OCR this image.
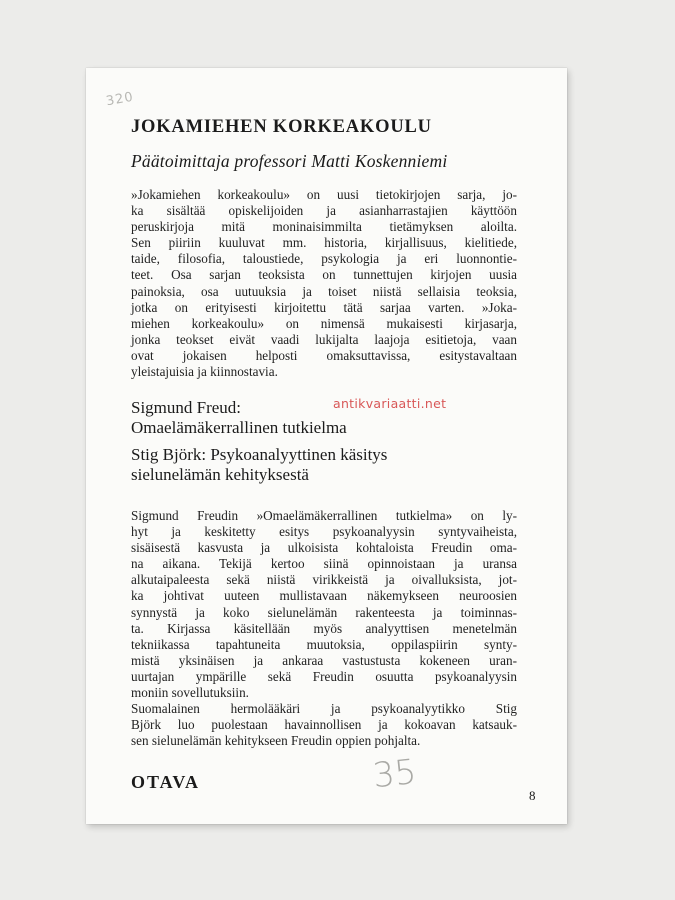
320
JOKAMIEHEN KORKEAKOULU
Päätoimittaja professori Matti Koskenniemi
»Jokamiehen korkeakoulu» on uusi tietokirjojen sarja, jo-
ka sisältää opiskelijoiden ja asianharrastajien käyttöön
peruskirjoja mitä moninaisimmilta tietämyksen aloilta.
Sen piiriin kuuluvat mm. historia, kirjallisuus, kielitiede,
taide, filosofia, taloustiede, psykologia ja eri luonnontie-
teet. Osa sarjan teoksista on tunnettujen kirjojen uusia
painoksia, osa uutuuksia ja toiset niistä sellaisia teoksia,
jotka on erityisesti kirjoitettu tätä sarjaa varten. »Joka-
miehen korkeakoulu» on nimensä mukaisesti kirjasarja,
jonka teokset eivät vaadi lukijalta laajoja esitietoja, vaan
ovat jokaisen helposti omaksuttavissa, esitystavaltaan
yleistajuisia ja kiinnostavia.
Sigmund Freud:
Omaelämäkerrallinen tutkielma
antikvariaatti.net
Stig Björk: Psykoanalyyttinen käsitys
sielunelämän kehityksestä
Sigmund Freudin »Omaelämäkerrallinen tutkielma» on ly-
hyt ja keskitetty esitys psykoanalyysin syntyvaiheista,
sisäisestä kasvusta ja ulkoisista kohtaloista Freudin oma-
na aikana. Tekijä kertoo siinä opinnoistaan ja uransa
alkutaipaleesta sekä niistä virikkeistä ja oivalluksista, jot-
ka johtivat uuteen mullistavaan näkemykseen neuroosien
synnystä ja koko sielunelämän rakenteesta ja toiminnas-
ta. Kirjassa käsitellään myös analyyttisen menetelmän
tekniikassa tapahtuneita muutoksia, oppilaspiirin synty-
mistä yksinäisen ja ankaraa vastustusta kokeneen uran-
uurtajan ympärille sekä Freudin osuutta psykoanalyysin
moniin sovellutuksiin.
Suomalainen hermolääkäri ja psykoanalyytikko Stig
Björk luo puolestaan havainnollisen ja kokoavan katsauk-
sen sielunelämän kehitykseen Freudin oppien pohjalta.
OTAVA	35	8
